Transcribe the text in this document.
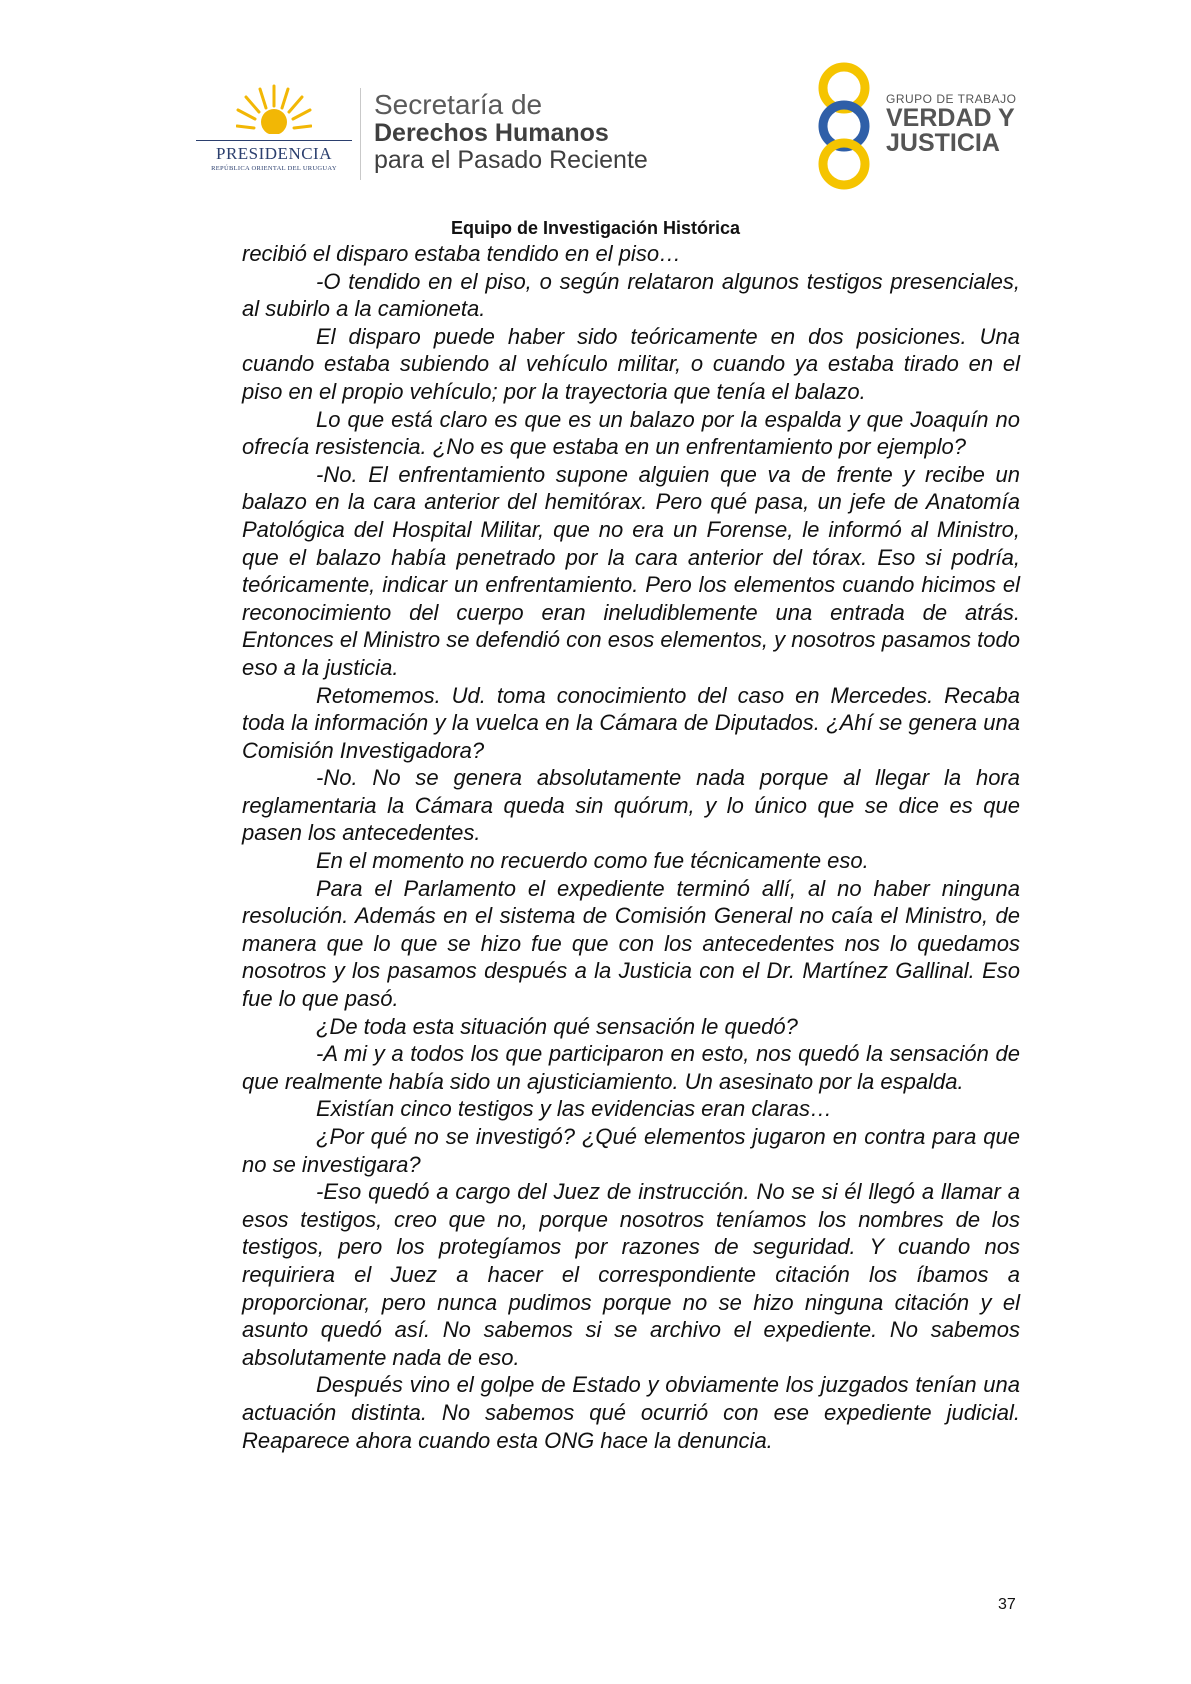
PRESIDENCIA
REPÚBLICA ORIENTAL DEL URUGUAY
Secretaría de
Derechos Humanos
para el Pasado Reciente
GRUPO DE TRABAJO
VERDAD Y
JUSTICIA
Equipo de Investigación Histórica

recibió el disparo estaba tendido en el piso…

-O tendido en el piso, o según relataron algunos testigos presenciales, al subirlo a la camioneta.

El disparo puede haber sido teóricamente en dos posiciones. Una cuando estaba subiendo al vehículo militar, o cuando ya estaba tirado en el piso en el propio vehículo; por la trayectoria que tenía el balazo.

Lo que está claro es que es un balazo por la espalda y que Joaquín no ofrecía resistencia. ¿No es que estaba en un enfrentamiento por ejemplo?

-No. El enfrentamiento supone alguien que va de frente y recibe un balazo en la cara anterior del hemitórax. Pero qué pasa, un jefe de Anatomía Patológica del Hospital Militar, que no era un Forense, le informó al Ministro, que el balazo había penetrado por la cara anterior del tórax. Eso si podría, teóricamente, indicar un enfrentamiento. Pero los elementos cuando hicimos el reconocimiento del cuerpo eran ineludiblemente una entrada de atrás. Entonces el Ministro se defendió con esos elementos, y nosotros pasamos todo eso a la justicia.

Retomemos. Ud. toma conocimiento del caso en Mercedes. Recaba toda la información y la vuelca en la Cámara de Diputados. ¿Ahí se genera una Comisión Investigadora?

-No. No se genera absolutamente nada porque al llegar la hora reglamentaria la Cámara queda sin quórum, y lo único que se dice es que pasen los antecedentes.

En el momento no recuerdo como fue técnicamente eso.

Para el Parlamento el expediente terminó allí, al no haber ninguna resolución. Además en el sistema de Comisión General no caía el Ministro, de manera que lo que se hizo fue que con los antecedentes nos lo quedamos nosotros y los pasamos después a la Justicia con el Dr. Martínez Gallinal. Eso fue lo que pasó.

¿De toda esta situación qué sensación le quedó?

-A mi y a todos los que participaron en esto, nos quedó la sensación de que realmente había sido un ajusticiamiento. Un asesinato por la espalda.

Existían cinco testigos y las evidencias eran claras…

¿Por qué no se investigó? ¿Qué elementos jugaron en contra para que no se investigara?

-Eso quedó a cargo del Juez de instrucción. No se si él llegó a llamar a esos testigos, creo que no, porque nosotros teníamos los nombres de los testigos, pero los protegíamos por razones de seguridad. Y cuando nos requiriera el Juez a hacer el correspondiente citación los íbamos a proporcionar, pero nunca pudimos porque no se hizo ninguna citación y el asunto quedó así. No sabemos si se archivo el expediente. No sabemos absolutamente nada de eso.

Después vino el golpe de Estado y obviamente los juzgados tenían una actuación distinta. No sabemos qué ocurrió con ese expediente judicial. Reaparece ahora cuando esta ONG hace la denuncia.

37
